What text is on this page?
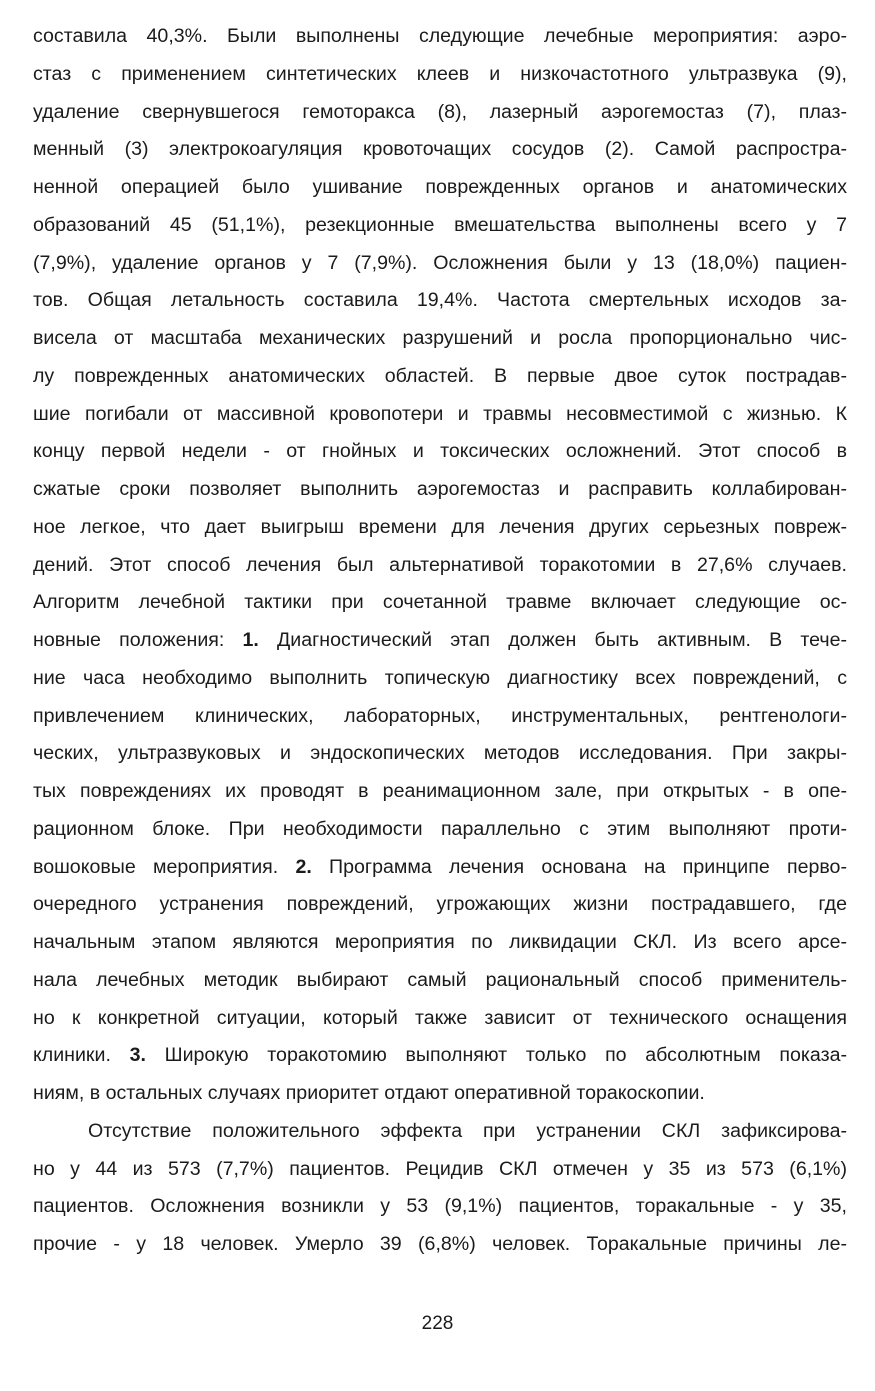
составила 40,3%. Были выполнены следующие лечебные мероприятия: аэро-
стаз с применением синтетических клеев и низкочастотного ультразвука (9),
удаление свернувшегося гемоторакса (8), лазерный аэрогемостаз (7), плаз-
менный (3) электрокоагуляция кровоточащих сосудов (2). Самой распростра-
ненной операцией было ушивание поврежденных органов и анатомических
образований 45 (51,1%), резекционные вмешательства выполнены всего у 7
(7,9%), удаление органов у 7 (7,9%). Осложнения были у 13 (18,0%) пациен-
тов. Общая летальность составила 19,4%. Частота смертельных исходов за-
висела от масштаба механических разрушений и росла пропорционально чис-
лу поврежденных анатомических областей. В первые двое суток пострадав-
шие погибали от массивной кровопотери и травмы несовместимой с жизнью. К
концу первой недели - от гнойных и токсических осложнений. Этот способ в
сжатые сроки позволяет выполнить аэрогемостаз и расправить коллабирован-
ное легкое, что дает выигрыш времени для лечения других серьезных повреж-
дений. Этот способ лечения был альтернативой торакотомии в 27,6% случаев.
Алгоритм лечебной тактики при сочетанной травме включает следующие ос-
новные положения: 1. Диагностический этап должен быть активным. В тече-
ние часа необходимо выполнить топическую диагностику всех повреждений, с
привлечением клинических, лабораторных, инструментальных, рентгенологи-
ческих, ультразвуковых и эндоскопических методов исследования. При закры-
тых повреждениях их проводят в реанимационном зале, при открытых - в опе-
рационном блоке. При необходимости параллельно с этим выполняют проти-
вошоковые мероприятия. 2. Программа лечения основана на принципе перво-
очередного устранения повреждений, угрожающих жизни пострадавшего, где
начальным этапом являются мероприятия по ликвидации СКЛ. Из всего арсе-
нала лечебных методик выбирают самый рациональный способ применитель-
но к конкретной ситуации, который также зависит от технического оснащения
клиники. 3. Широкую торакотомию выполняют только по абсолютным показа-
ниям, в остальных случаях приоритет отдают оперативной торакоскопии.
Отсутствие положительного эффекта при устранении СКЛ зафиксирова-
но у 44 из 573 (7,7%) пациентов. Рецидив СКЛ отмечен у 35 из 573 (6,1%)
пациентов. Осложнения возникли у 53 (9,1%) пациентов, торакальные - у 35,
прочие - у 18 человек. Умерло 39 (6,8%) человек. Торакальные причины ле-
228
